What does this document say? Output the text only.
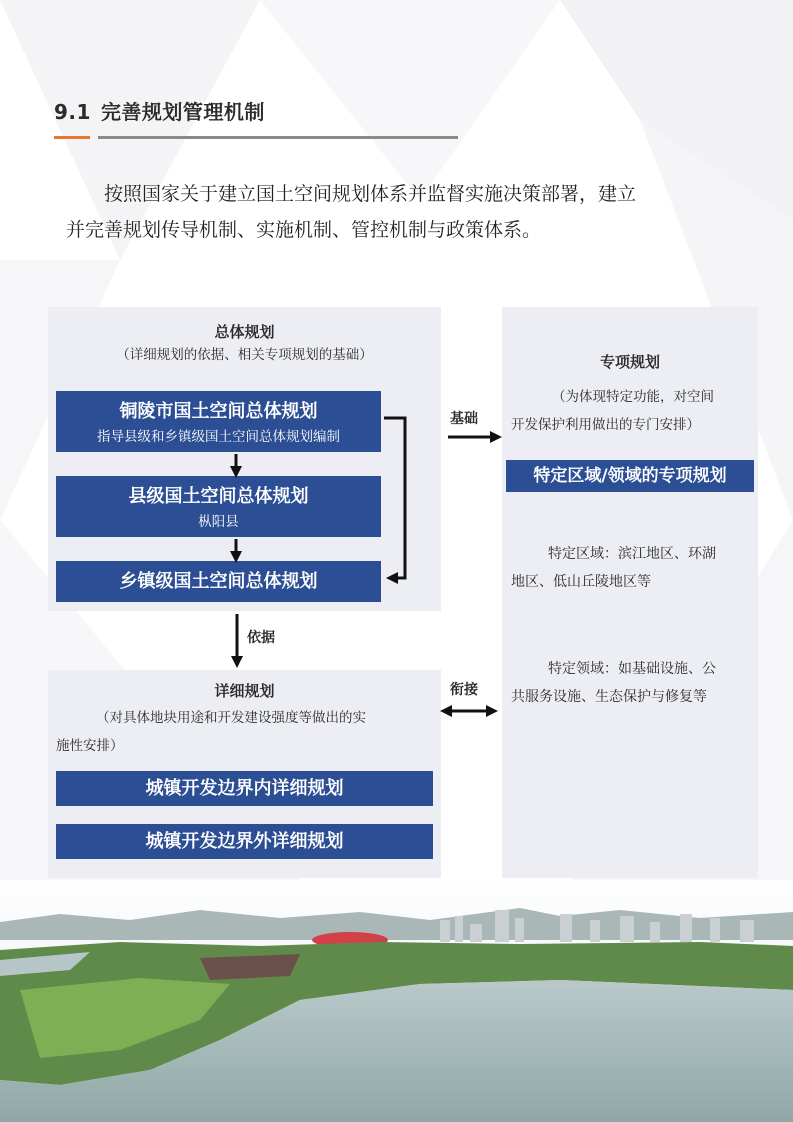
9.1 完善规划管理机制
按照国家关于建立国土空间规划体系并监督实施决策部署，建立
并完善规划传导机制、实施机制、管控机制与政策体系。
总体规划
（详细规划的依据、相关专项规划的基础）
铜陵市国土空间总体规划
指导县级和乡镇级国土空间总体规划编制
县级国土空间总体规划
枞阳县
乡镇级国土空间总体规划
详细规划
（对具体地块用途和开发建设强度等做出的实
施性安排）
城镇开发边界内详细规划
城镇开发边界外详细规划
专项规划
（为体现特定功能，对空间
开发保护利用做出的专门安排）
特定区域/领域的专项规划
特定区域：滨江地区、环湖
地区、低山丘陵地区等
特定领域：如基础设施、公
共服务设施、生态保护与修复等
基础
依据
衔接
